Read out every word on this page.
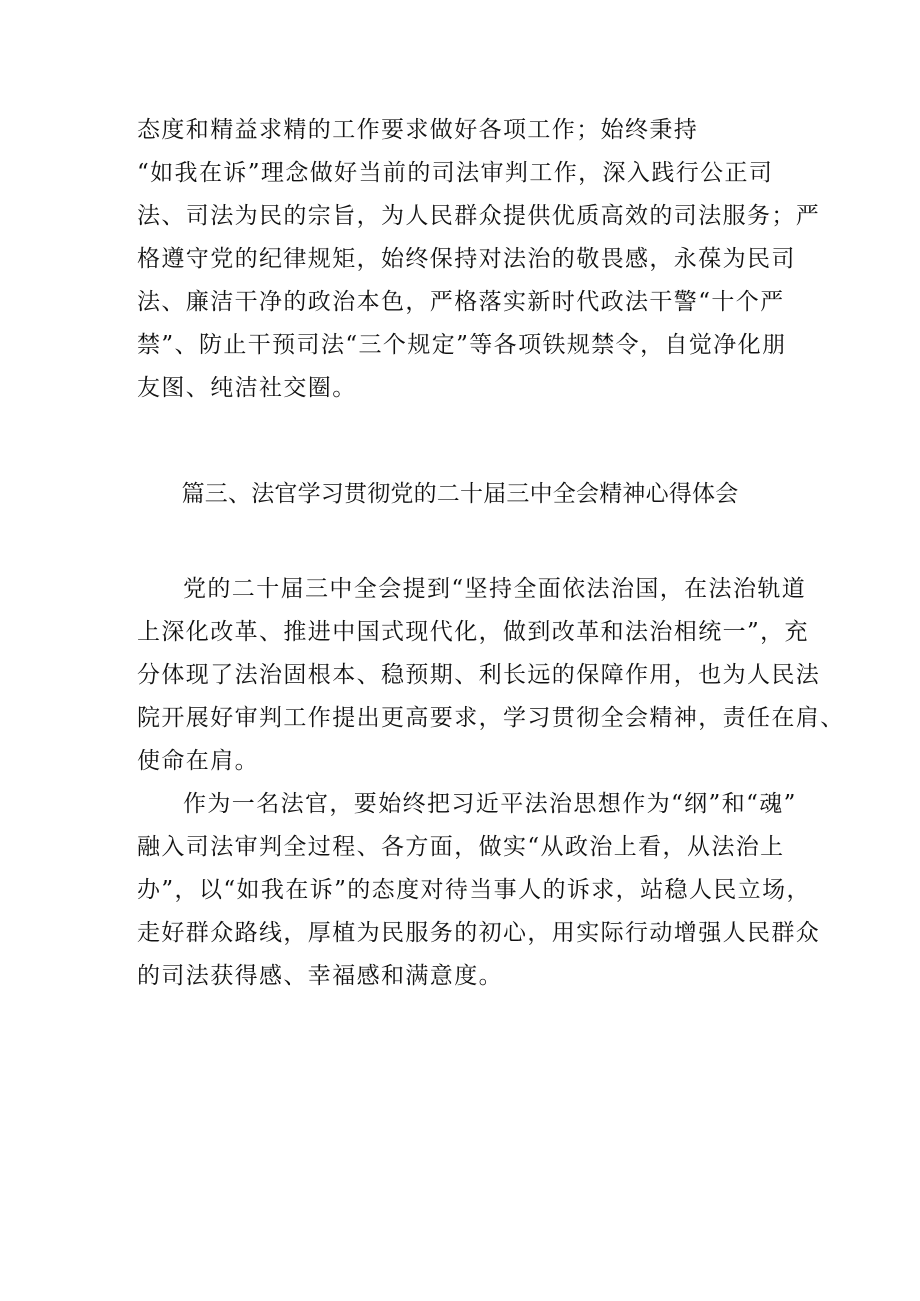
态度和精益求精的工作要求做好各项工作；始终秉持
“如我在诉”理念做好当前的司法审判工作，深入践行公正司
法、司法为民的宗旨，为人民群众提供优质高效的司法服务；严
格遵守党的纪律规矩，始终保持对法治的敬畏感，永葆为民司
法、廉洁干净的政治本色，严格落实新时代政法干警“十个严
禁”、防止干预司法“三个规定”等各项铁规禁令，自觉净化朋
友图、纯洁社交圈。
篇三、法官学习贯彻党的二十届三中全会精神心得体会
党的二十届三中全会提到“坚持全面依法治国，在法治轨道
上深化改革、推进中国式现代化，做到改革和法治相统一”，充
分体现了法治固根本、稳预期、利长远的保障作用，也为人民法
院开展好审判工作提出更高要求，学习贯彻全会精神，责任在肩、
使命在肩。
作为一名法官，要始终把习近平法治思想作为“纲”和“魂”
融入司法审判全过程、各方面，做实“从政治上看，从法治上
办”，以“如我在诉”的态度对待当事人的诉求，站稳人民立场，
走好群众路线，厚植为民服务的初心，用实际行动增强人民群众
的司法获得感、幸福感和满意度。
